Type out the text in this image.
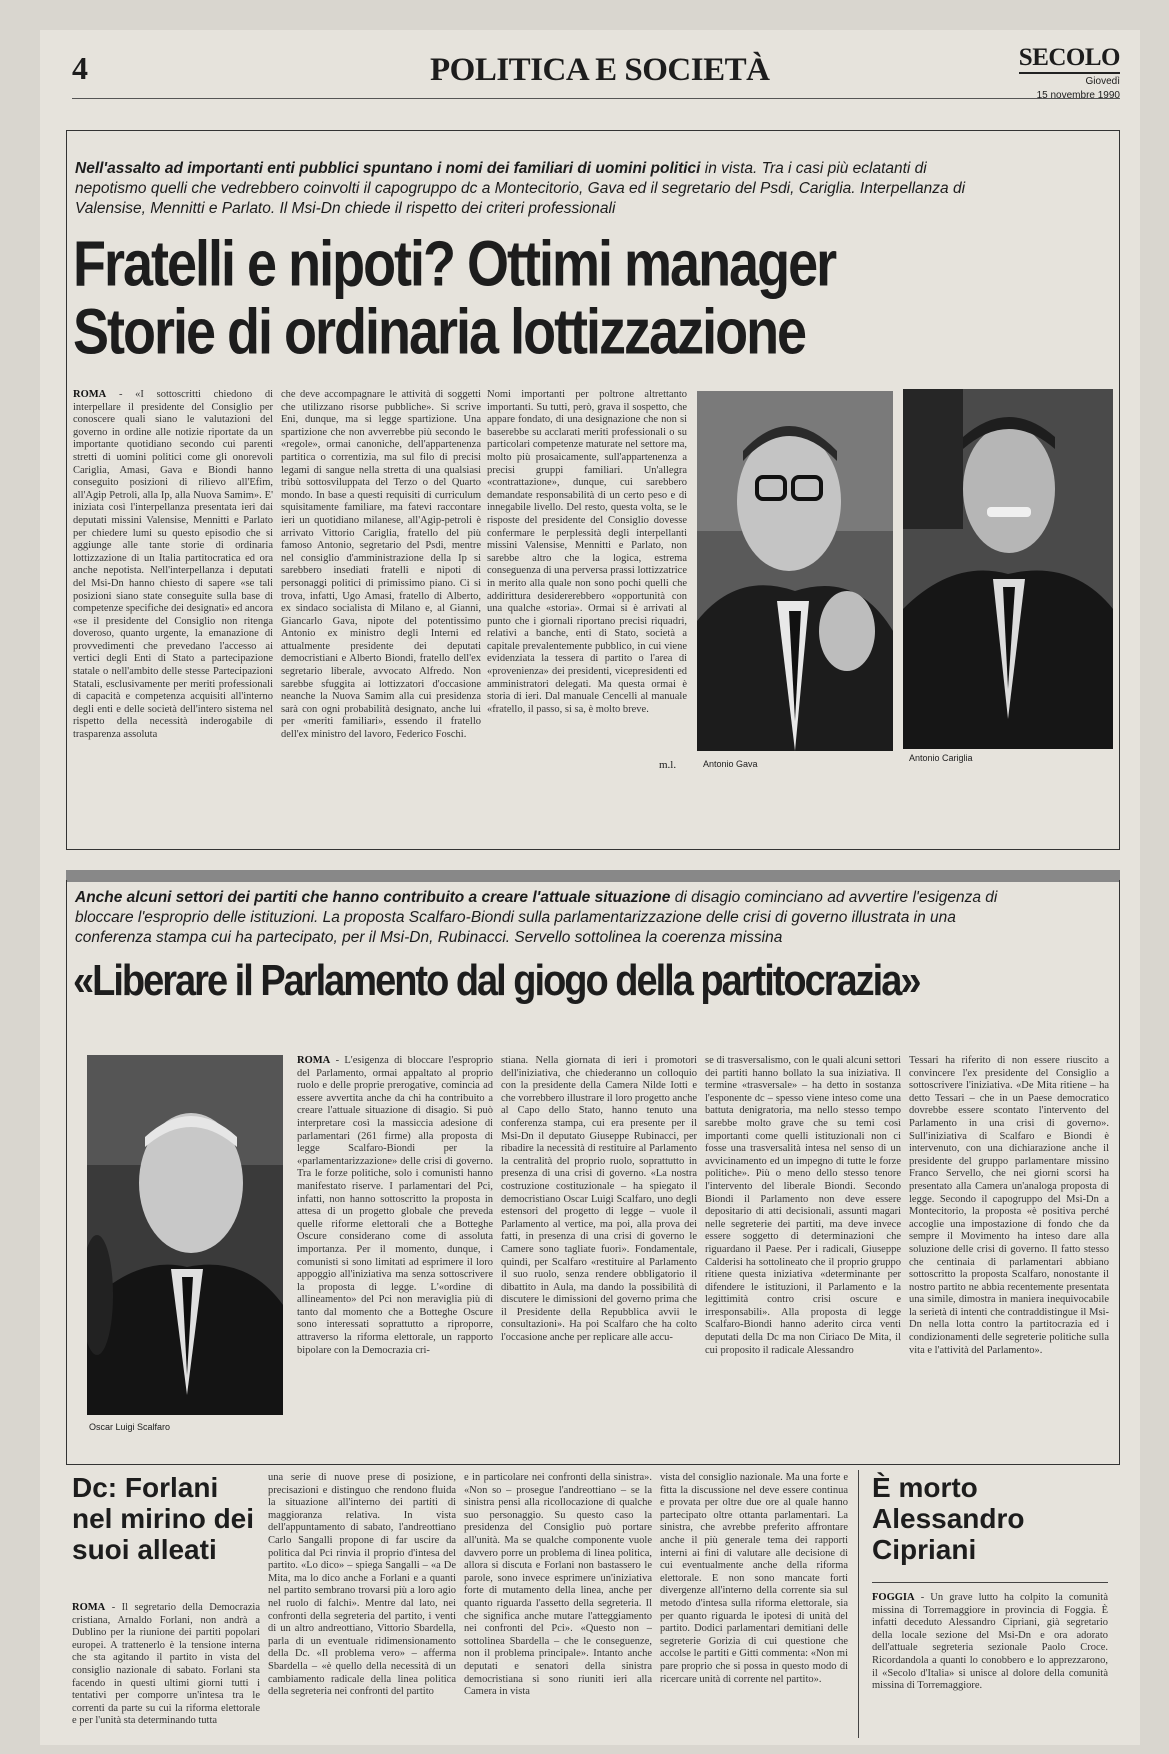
4	POLITICA E SOCIETÀ	SECOLO
Giovedì
15 novembre 1990
Nell'assalto ad importanti enti pubblici spuntano i nomi dei familiari di uomini politici in vista. Tra i casi più eclatanti di nepotismo quelli che vedrebbero coinvolti il capogruppo dc a Montecitorio, Gava ed il segretario del Psdi, Cariglia. Interpellanza di Valensise, Mennitti e Parlato. Il Msi-Dn chiede il rispetto dei criteri professionali
Fratelli e nipoti? Ottimi manager
Storie di ordinaria lottizzazione
ROMA - «I sottoscritti chiedono di interpellare il presidente del Consiglio per conoscere quali siano le valutazioni del governo in ordine alle notizie riportate da un importante quotidiano secondo cui parenti stretti di uomini politici come gli onorevoli Cariglia, Amasi, Gava e Biondi hanno conseguito posizioni di rilievo all'Efim, all'Agip Petroli, alla Ip, alla Nuova Samim». E' iniziata così l'interpellanza presentata ieri dai deputati missini Valensise, Mennitti e Parlato per chiedere lumi su questo episodio che si aggiunge alle tante storie di ordinaria lottizzazione di un Italia partitocratica ed ora anche nepotista. Nell'interpellanza i deputati del Msi-Dn hanno chiesto di sapere «se tali posizioni siano state conseguite sulla base di competenze specifiche dei designati» ed ancora «se il presidente del Consiglio non ritenga doveroso, quanto urgente, la emanazione di provvedimenti che prevedano l'accesso ai vertici degli Enti di Stato a partecipazione statale o nell'ambito delle stesse Partecipazioni Statali, esclusivamente per meriti professionali di capacità e competenza acquisiti all'interno degli enti e delle società dell'intero sistema nel rispetto della necessità inderogabile di trasparenza assoluta
che deve accompagnare le attività di soggetti che utilizzano risorse pubbliche». Si scrive Eni, dunque, ma si legge spartizione. Una spartizione che non avverrebbe più secondo le «regole», ormai canoniche, dell'appartenenza partitica o correntizia, ma sul filo di precisi legami di sangue nella stretta di una qualsiasi tribù sottosviluppata del Terzo o del Quarto mondo. In base a questi requisiti di curriculum squisitamente familiare, ma fatevi raccontare ieri un quotidiano milanese, all'Agip-petroli è arrivato Vittorio Cariglia, fratello del più famoso Antonio, segretario del Psdi, mentre nel consiglio d'amministrazione della Ip si sarebbero insediati fratelli e nipoti di personaggi politici di primissimo piano. Ci si trova, infatti, Ugo Amasi, fratello di Alberto, ex sindaco socialista di Milano e, al Gianni, Giancarlo Gava, nipote del potentissimo Antonio ex ministro degli Interni ed attualmente presidente dei deputati democristiani e Alberto Biondi, fratello dell'ex segretario liberale, avvocato Alfredo. Non sarebbe sfuggita ai lottizzatori d'occasione neanche la Nuova Samim alla cui presidenza sarà con ogni probabilità designato, anche lui per «meriti familiari», essendo il fratello dell'ex ministro del lavoro, Federico Foschi.
Nomi importanti per poltrone altrettanto importanti. Su tutti, però, grava il sospetto, che appare fondato, di una designazione che non si baserebbe su acclarati meriti professionali o su particolari competenze maturate nel settore ma, molto più prosaicamente, sull'appartenenza a precisi gruppi familiari. Un'allegra «contrattazione», dunque, cui sarebbero demandate responsabilità di un certo peso e di innegabile livello. Del resto, questa volta, se le risposte del presidente del Consiglio dovesse confermare le perplessità degli interpellanti missini Valensise, Mennitti e Parlato, non sarebbe altro che la logica, estrema conseguenza di una perversa prassi lottizzatrice in merito alla quale non sono pochi quelli che addirittura desidererebbero «opportunità con una qualche «storia». Ormai si è arrivati al punto che i giornali riportano precisi riquadri, relativi a banche, enti di Stato, società a capitale prevalentemente pubblico, in cui viene evidenziata la tessera di partito o l'area di «provenienza» dei presidenti, vicepresidenti ed amministratori delegati. Ma questa ormai è storia di ieri. Dal manuale Cencelli al manuale «fratello, il passo, si sa, è molto breve.
m.l.	Antonio Gava
Antonio Cariglia
Anche alcuni settori dei partiti che hanno contribuito a creare l'attuale situazione di disagio cominciano ad avvertire l'esigenza di bloccare l'esproprio delle istituzioni. La proposta Scalfaro-Biondi sulla parlamentarizzazione delle crisi di governo illustrata in una conferenza stampa cui ha partecipato, per il Msi-Dn, Rubinacci. Servello sottolinea la coerenza missina
«Liberare il Parlamento dal giogo della partitocrazia»
Oscar Luigi Scalfaro
ROMA - L'esigenza di bloccare l'esproprio del Parlamento, ormai appaltato al proprio ruolo e delle proprie prerogative, comincia ad essere avvertita anche da chi ha contribuito a creare l'attuale situazione di disagio. Si può interpretare così la massiccia adesione di parlamentari (261 firme) alla proposta di legge Scalfaro-Biondi per la «parlamentarizzazione» delle crisi di governo. Tra le forze politiche, solo i comunisti hanno manifestato riserve. I parlamentari del Pci, infatti, non hanno sottoscritto la proposta in attesa di un progetto globale che preveda quelle riforme elettorali che a Botteghe Oscure considerano come di assoluta importanza. Per il momento, dunque, i comunisti si sono limitati ad esprimere il loro appoggio all'iniziativa ma senza sottoscrivere la proposta di legge. L'«ordine di allineamento» del Pci non meraviglia più di tanto dal momento che a Botteghe Oscure sono interessati soprattutto a riproporre, attraverso la riforma elettorale, un rapporto bipolare con la Democrazia cri-
stiana. Nella giornata di ieri i promotori dell'iniziativa, che chiederanno un colloquio con la presidente della Camera Nilde Iotti e che vorrebbero illustrare il loro progetto anche al Capo dello Stato, hanno tenuto una conferenza stampa, cui era presente per il Msi-Dn il deputato Giuseppe Rubinacci, per ribadire la necessità di restituire al Parlamento la centralità del proprio ruolo, soprattutto in presenza di una crisi di governo. «La nostra costruzione costituzionale – ha spiegato il democristiano Oscar Luigi Scalfaro, uno degli estensori del progetto di legge – vuole il Parlamento al vertice, ma poi, alla prova dei fatti, in presenza di una crisi di governo le Camere sono tagliate fuori». Fondamentale, quindi, per Scalfaro «restituire al Parlamento il suo ruolo, senza rendere obbligatorio il dibattito in Aula, ma dando la possibilità di discutere le dimissioni del governo prima che il Presidente della Repubblica avvii le consultazioni». Ha poi Scalfaro che ha colto l'occasione anche per replicare alle accu-
se di trasversalismo, con le quali alcuni settori dei partiti hanno bollato la sua iniziativa. Il termine «trasversale» – ha detto in sostanza l'esponente dc – spesso viene inteso come una battuta denigratoria, ma nello stesso tempo sarebbe molto grave che su temi così importanti come quelli istituzionali non ci fosse una trasversalità intesa nel senso di un avvicinamento ed un impegno di tutte le forze politiche». Più o meno dello stesso tenore l'intervento del liberale Biondi. Secondo Biondi il Parlamento non deve essere depositario di atti decisionali, assunti magari nelle segreterie dei partiti, ma deve invece essere soggetto di determinazioni che riguardano il Paese. Per i radicali, Giuseppe Calderisi ha sottolineato che il proprio gruppo ritiene questa iniziativa «determinante per difendere le istituzioni, il Parlamento e la legittimità contro crisi oscure e irresponsabili». Alla proposta di legge Scalfaro-Biondi hanno aderito circa venti deputati della Dc ma non Ciriaco De Mita, il cui proposito il radicale Alessandro
Tessari ha riferito di non essere riuscito a convincere l'ex presidente del Consiglio a sottoscrivere l'iniziativa. «De Mita ritiene – ha detto Tessari – che in un Paese democratico dovrebbe essere scontato l'intervento del Parlamento in una crisi di governo». Sull'iniziativa di Scalfaro e Biondi è intervenuto, con una dichiarazione anche il presidente del gruppo parlamentare missino Franco Servello, che nei giorni scorsi ha presentato alla Camera un'analoga proposta di legge. Secondo il capogruppo del Msi-Dn a Montecitorio, la proposta «è positiva perché accoglie una impostazione di fondo che da sempre il Movimento ha inteso dare alla soluzione delle crisi di governo. Il fatto stesso che centinaia di parlamentari abbiano sottoscritto la proposta Scalfaro, nonostante il nostro partito ne abbia recentemente presentata una simile, dimostra in maniera inequivocabile la serietà di intenti che contraddistingue il Msi-Dn nella lotta contro la partitocrazia ed i condizionamenti delle segreterie politiche sulla vita e l'attività del Parlamento».
Dc: Forlani nel mirino dei suoi alleati
ROMA - Il segretario della Democrazia cristiana, Arnaldo Forlani, non andrà a Dublino per la riunione dei partiti popolari europei. A trattenerlo è la tensione interna che sta agitando il partito in vista del consiglio nazionale di sabato. Forlani sta facendo in questi ultimi giorni tutti i tentativi per comporre un'intesa tra le correnti da parte su cui la riforma elettorale e per l'unità sta determinando tutta
una serie di nuove prese di posizione, precisazioni e distinguo che rendono fluida la situazione all'interno dei partiti di maggioranza relativa. In vista dell'appuntamento di sabato, l'andreottiano Carlo Sangalli propone di far uscire da politica dal Pci rinvia il proprio d'intesa del partito. «Lo dico» – spiega Sangalli – «a De Mita, ma lo dico anche a Forlani e a quanti nel partito sembrano trovarsi più a loro agio nel ruolo di falchi». Mentre dal lato, nei confronti della segreteria del partito, i venti di un altro andreottiano, Vittorio Sbardella, parla di un eventuale ridimensionamento della Dc. «Il problema vero» – afferma Sbardella – «è quello della necessità di un cambiamento radicale della linea politica della segreteria nei confronti del partito
e in particolare nei confronti della sinistra». «Non so – prosegue l'andreottiano – se la sinistra pensi alla ricollocazione di qualche suo personaggio. Su questo caso la presidenza del Consiglio può portare all'unità. Ma se qualche componente vuole davvero porre un problema di linea politica, allora si discuta e Forlani non bastassero le parole, sono invece esprimere un'iniziativa forte di mutamento della linea, anche per quanto riguarda l'assetto della segreteria. Il che significa anche mutare l'atteggiamento nei confronti del Pci». «Questo non – sottolinea Sbardella – che le conseguenze, non il problema principale». Intanto anche deputati e senatori della sinistra democristiana si sono riuniti ieri alla Camera in vista
vista del consiglio nazionale. Ma una forte e fitta la discussione nel deve essere continua e provata per oltre due ore al quale hanno partecipato oltre ottanta parlamentari. La sinistra, che avrebbe preferito affrontare anche il più generale tema dei rapporti interni ai fini di valutare alle decisione di cui eventualmente anche della riforma elettorale. E non sono mancate forti divergenze all'interno della corrente sia sul metodo d'intesa sulla riforma elettorale, sia per quanto riguarda le ipotesi di unità del partito. Dodici parlamentari demitiani delle segreterie Gorizia di cui questione che accolse le partiti e Gitti commenta: «Non mi pare proprio che si possa in questo modo di ricercare unità di corrente nel partito».
È morto Alessandro Cipriani
FOGGIA - Un grave lutto ha colpito la comunità missina di Torremaggiore in provincia di Foggia. È infatti deceduto Alessandro Cipriani, già segretario della locale sezione del Msi-Dn e ora adorato dell'attuale segreteria sezionale Paolo Croce. Ricordandola a quanti lo conobbero e lo apprezzarono, il «Secolo d'Italia» si unisce al dolore della comunità missina di Torremaggiore.
